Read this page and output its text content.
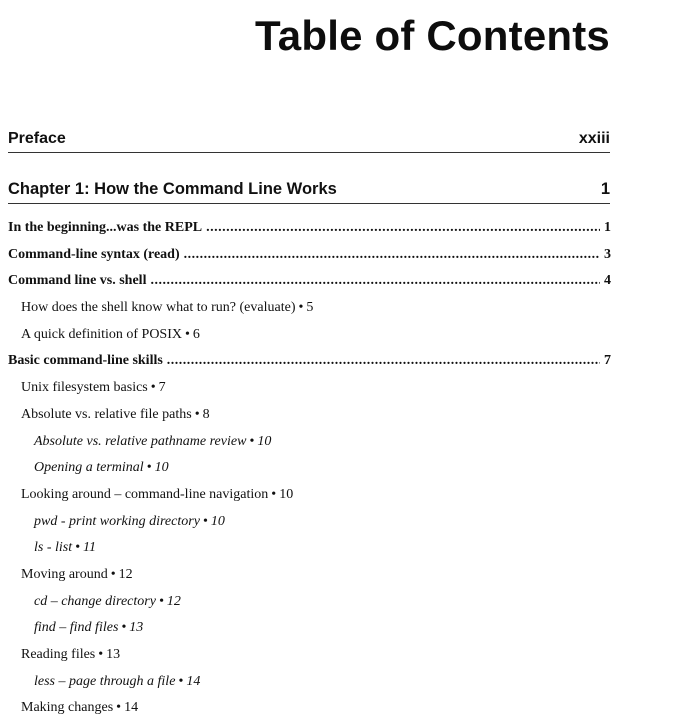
Table of Contents
Preface	xxiii
Chapter 1: How the Command Line Works	1
In the beginning...was the REPL .....	1
Command-line syntax (read) .....	3
Command line vs. shell .....	4
How does the shell know what to run? (evaluate) • 5
A quick definition of POSIX • 6
Basic command-line skills .....	7
Unix filesystem basics • 7
Absolute vs. relative file paths • 8
Absolute vs. relative pathname review • 10
Opening a terminal • 10
Looking around – command-line navigation • 10
pwd - print working directory • 10
ls - list • 11
Moving around • 12
cd – change directory • 12
find – find files • 13
Reading files • 13
less – page through a file • 14
Making changes • 14
